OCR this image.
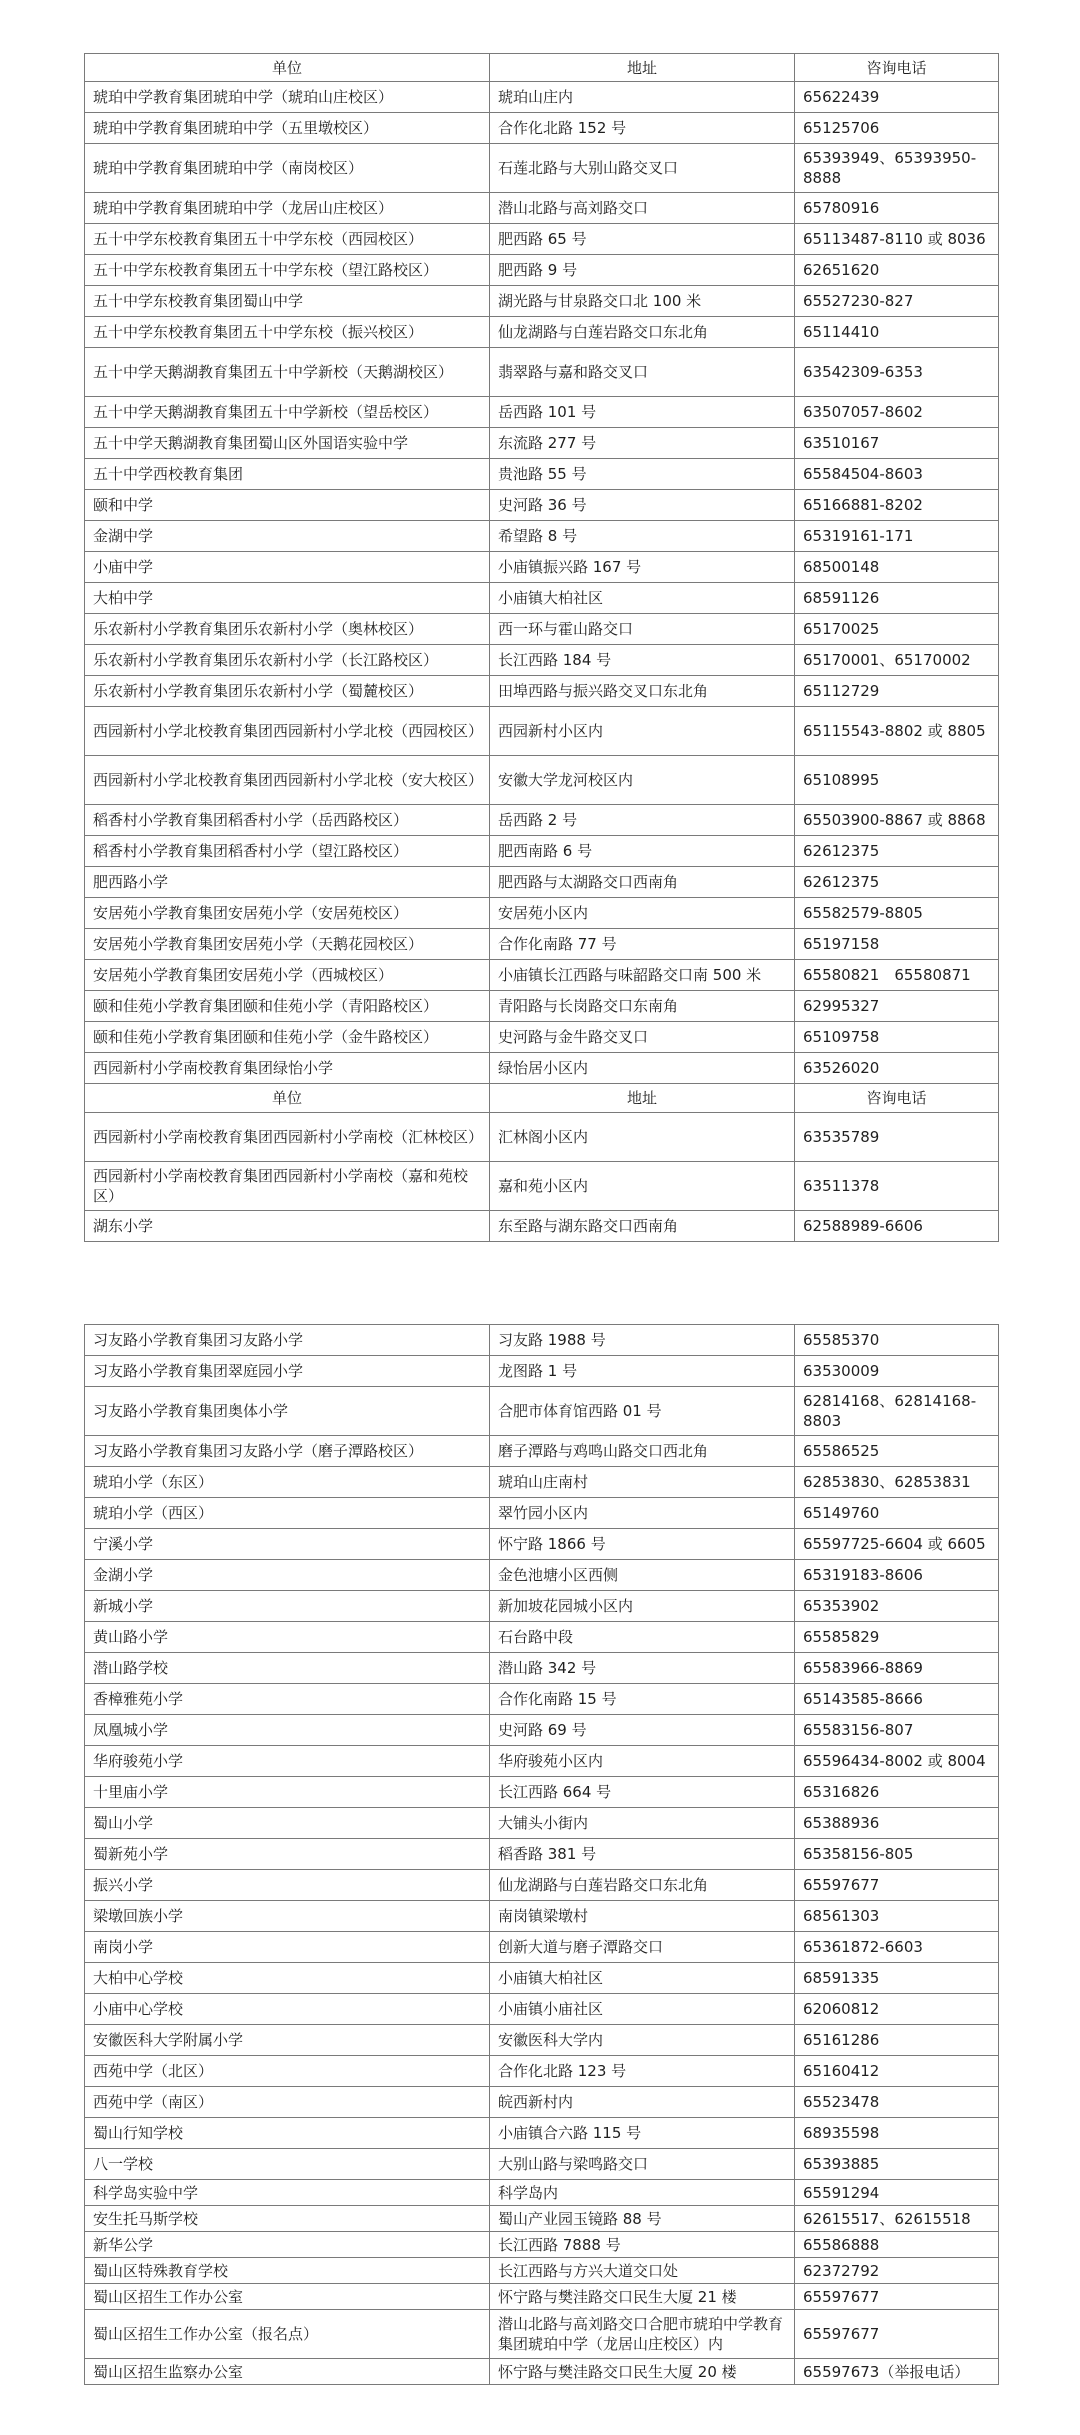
单位	地址	咨询电话
琥珀中学教育集团琥珀中学（琥珀山庄校区）	琥珀山庄内	65622439
琥珀中学教育集团琥珀中学（五里墩校区）	合作化北路 152 号	65125706
琥珀中学教育集团琥珀中学（南岗校区）	石莲北路与大别山路交叉口	65393949、65393950-8888
琥珀中学教育集团琥珀中学（龙居山庄校区）	潜山北路与高刘路交口	65780916
五十中学东校教育集团五十中学东校（西园校区）	肥西路 65 号	65113487-8110 或 8036
五十中学东校教育集团五十中学东校（望江路校区）	肥西路 9 号	62651620
五十中学东校教育集团蜀山中学	湖光路与甘泉路交口北 100 米	65527230-827
五十中学东校教育集团五十中学东校（振兴校区）	仙龙湖路与白莲岩路交口东北角	65114410
五十中学天鹅湖教育集团五十中学新校（天鹅湖校区）	翡翠路与嘉和路交叉口	63542309-6353
五十中学天鹅湖教育集团五十中学新校（望岳校区）	岳西路 101 号	63507057-8602
五十中学天鹅湖教育集团蜀山区外国语实验中学	东流路 277 号	63510167
五十中学西校教育集团	贵池路 55 号	65584504-8603
颐和中学	史河路 36 号	65166881-8202
金湖中学	希望路 8 号	65319161-171
小庙中学	小庙镇振兴路 167 号	68500148
大柏中学	小庙镇大柏社区	68591126
乐农新村小学教育集团乐农新村小学（奥林校区）	西一环与霍山路交口	65170025
乐农新村小学教育集团乐农新村小学（长江路校区）	长江西路 184 号	65170001、65170002
乐农新村小学教育集团乐农新村小学（蜀麓校区）	田埠西路与振兴路交叉口东北角	65112729
西园新村小学北校教育集团西园新村小学北校（西园校区）	西园新村小区内	65115543-8802 或 8805
西园新村小学北校教育集团西园新村小学北校（安大校区）	安徽大学龙河校区内	65108995
稻香村小学教育集团稻香村小学（岳西路校区）	岳西路 2 号	65503900-8867 或 8868
稻香村小学教育集团稻香村小学（望江路校区）	肥西南路 6 号	62612375
肥西路小学	肥西路与太湖路交口西南角	62612375
安居苑小学教育集团安居苑小学（安居苑校区）	安居苑小区内	65582579-8805
安居苑小学教育集团安居苑小学（天鹅花园校区）	合作化南路 77 号	65197158
安居苑小学教育集团安居苑小学（西城校区）	小庙镇长江西路与味韶路交口南 500 米	65580821　65580871
颐和佳苑小学教育集团颐和佳苑小学（青阳路校区）	青阳路与长岗路交口东南角	62995327
颐和佳苑小学教育集团颐和佳苑小学（金牛路校区）	史河路与金牛路交叉口	65109758
西园新村小学南校教育集团绿怡小学	绿怡居小区内	63526020
单位	地址	咨询电话
西园新村小学南校教育集团西园新村小学南校（汇林校区）	汇林阁小区内	63535789
西园新村小学南校教育集团西园新村小学南校（嘉和苑校区）	嘉和苑小区内	63511378
湖东小学	东至路与湖东路交口西南角	62588989-6606
习友路小学教育集团习友路小学	习友路 1988 号	65585370
习友路小学教育集团翠庭园小学	龙图路 1 号	63530009
习友路小学教育集团奥体小学	合肥市体育馆西路 01 号	62814168、62814168-8803
习友路小学教育集团习友路小学（磨子潭路校区）	磨子潭路与鸡鸣山路交口西北角	65586525
琥珀小学（东区）	琥珀山庄南村	62853830、62853831
琥珀小学（西区）	翠竹园小区内	65149760
宁溪小学	怀宁路 1866 号	65597725-6604 或 6605
金湖小学	金色池塘小区西侧	65319183-8606
新城小学	新加坡花园城小区内	65353902
黄山路小学	石台路中段	65585829
潜山路学校	潜山路 342 号	65583966-8869
香樟雅苑小学	合作化南路 15 号	65143585-8666
凤凰城小学	史河路 69 号	65583156-807
华府骏苑小学	华府骏苑小区内	65596434-8002 或 8004
十里庙小学	长江西路 664 号	65316826
蜀山小学	大铺头小街内	65388936
蜀新苑小学	稻香路 381 号	65358156-805
振兴小学	仙龙湖路与白莲岩路交口东北角	65597677
梁墩回族小学	南岗镇梁墩村	68561303
南岗小学	创新大道与磨子潭路交口	65361872-6603
大柏中心学校	小庙镇大柏社区	68591335
小庙中心学校	小庙镇小庙社区	62060812
安徽医科大学附属小学	安徽医科大学内	65161286
西苑中学（北区）	合作化北路 123 号	65160412
西苑中学（南区）	皖西新村内	65523478
蜀山行知学校	小庙镇合六路 115 号	68935598
八一学校	大别山路与梁鸣路交口	65393885
科学岛实验中学	科学岛内	65591294
安生托马斯学校	蜀山产业园玉镜路 88 号	62615517、62615518
新华公学	长江西路 7888 号	65586888
蜀山区特殊教育学校	长江西路与方兴大道交口处	62372792
蜀山区招生工作办公室	怀宁路与樊洼路交口民生大厦 21 楼	65597677
蜀山区招生工作办公室（报名点）	潜山北路与高刘路交口合肥市琥珀中学教育集团琥珀中学（龙居山庄校区）内	65597677
蜀山区招生监察办公室	怀宁路与樊洼路交口民生大厦 20 楼	65597673（举报电话）
